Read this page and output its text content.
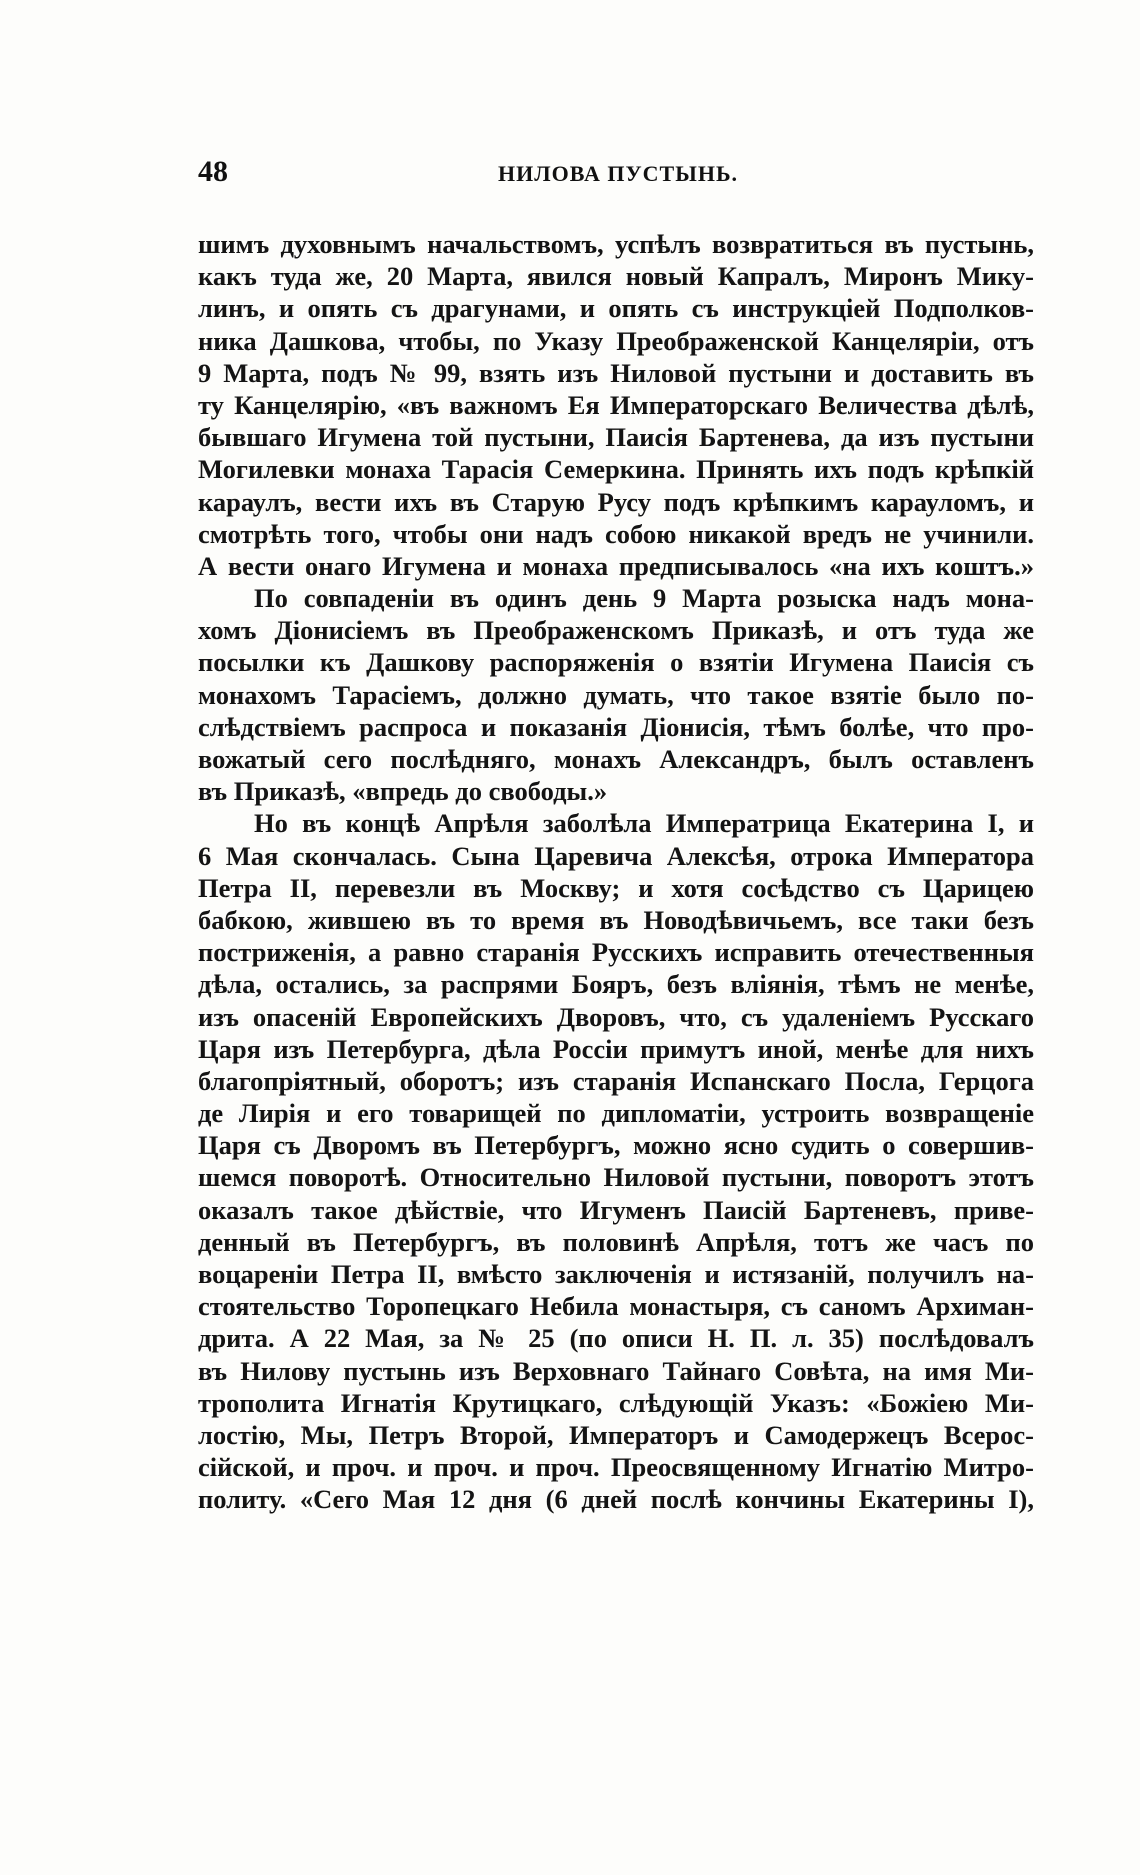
48	НИЛОВА ПУСТЫНЬ.
шимъ духовнымъ начальствомъ, успѣлъ возвратиться въ пустынь,
какъ туда же, 20 Марта, явился новый Капралъ, Миронъ Мику-
линъ, и опять съ драгунами, и опять съ инструкціей Подполков-
ника Дашкова, чтобы, по Указу Преображенской Канцеляріи, отъ
9 Марта, подъ № 99, взять изъ Ниловой пустыни и доставить въ
ту Канцелярію, «въ важномъ Ея Императорскаго Величества дѣлѣ,
бывшаго Игумена той пустыни, Паисія Бартенева, да изъ пустыни
Могилевки монаха Тарасія Семеркина. Принять ихъ подъ крѣпкій
караулъ, вести ихъ въ Старую Русу подъ крѣпкимъ карауломъ, и
смотрѣть того, чтобы они надъ собою никакой вредъ не учинили.
А вести онаго Игумена и монаха предписывалось «на ихъ коштъ.»
По совпаденіи въ одинъ день 9 Марта розыска надъ мона-
хомъ Діонисіемъ въ Преображенскомъ Приказѣ, и отъ туда же
посылки къ Дашкову распоряженія о взятіи Игумена Паисія съ
монахомъ Тарасіемъ, должно думать, что такое взятіе было по-
слѣдствіемъ распроса и показанія Діонисія, тѣмъ болѣе, что про-
вожатый сего послѣдняго, монахъ Александръ, былъ оставленъ
въ Приказѣ, «впредь до свободы.»
Но въ концѣ Апрѣля заболѣла Императрица Екатерина I, и
6 Мая скончалась. Сына Царевича Алексѣя, отрока Императора
Петра II, перевезли въ Москву; и хотя сосѣдство съ Царицею
бабкою, жившею въ то время въ Новодѣвичьемъ, все таки безъ
постриженія, а равно старанія Русскихъ исправить отечественныя
дѣла, остались, за распрями Бояръ, безъ вліянія, тѣмъ не менѣе,
изъ опасеній Европейскихъ Дворовъ, что, съ удаленіемъ Русскаго
Царя изъ Петербурга, дѣла Россіи примутъ иной, менѣе для нихъ
благопріятный, оборотъ; изъ старанія Испанскаго Посла, Герцога
де Лирія и его товарищей по дипломатіи, устроить возвращеніе
Царя съ Дворомъ въ Петербургъ, можно ясно судить о совершив-
шемся поворотѣ. Относительно Ниловой пустыни, поворотъ этотъ
оказалъ такое дѣйствіе, что Игуменъ Паисій Бартеневъ, приве-
денный въ Петербургъ, въ половинѣ Апрѣля, тотъ же часъ по
воцареніи Петра II, вмѣсто заключенія и истязаній, получилъ на-
стоятельство Торопецкаго Небила монастыря, съ саномъ Архиман-
дрита. А 22 Мая, за № 25 (по описи Н. П. л. 35) послѣдовалъ
въ Нилову пустынь изъ Верховнаго Тайнаго Совѣта, на имя Ми-
трополита Игнатія Крутицкаго, слѣдующій Указъ: «Божіею Ми-
лостію, Мы, Петръ Второй, Императоръ и Самодержецъ Всерос-
сійской, и проч. и проч. и проч. Преосвященному Игнатію Митро-
политу. «Сего Мая 12 дня (6 дней послѣ кончины Екатерины I),
